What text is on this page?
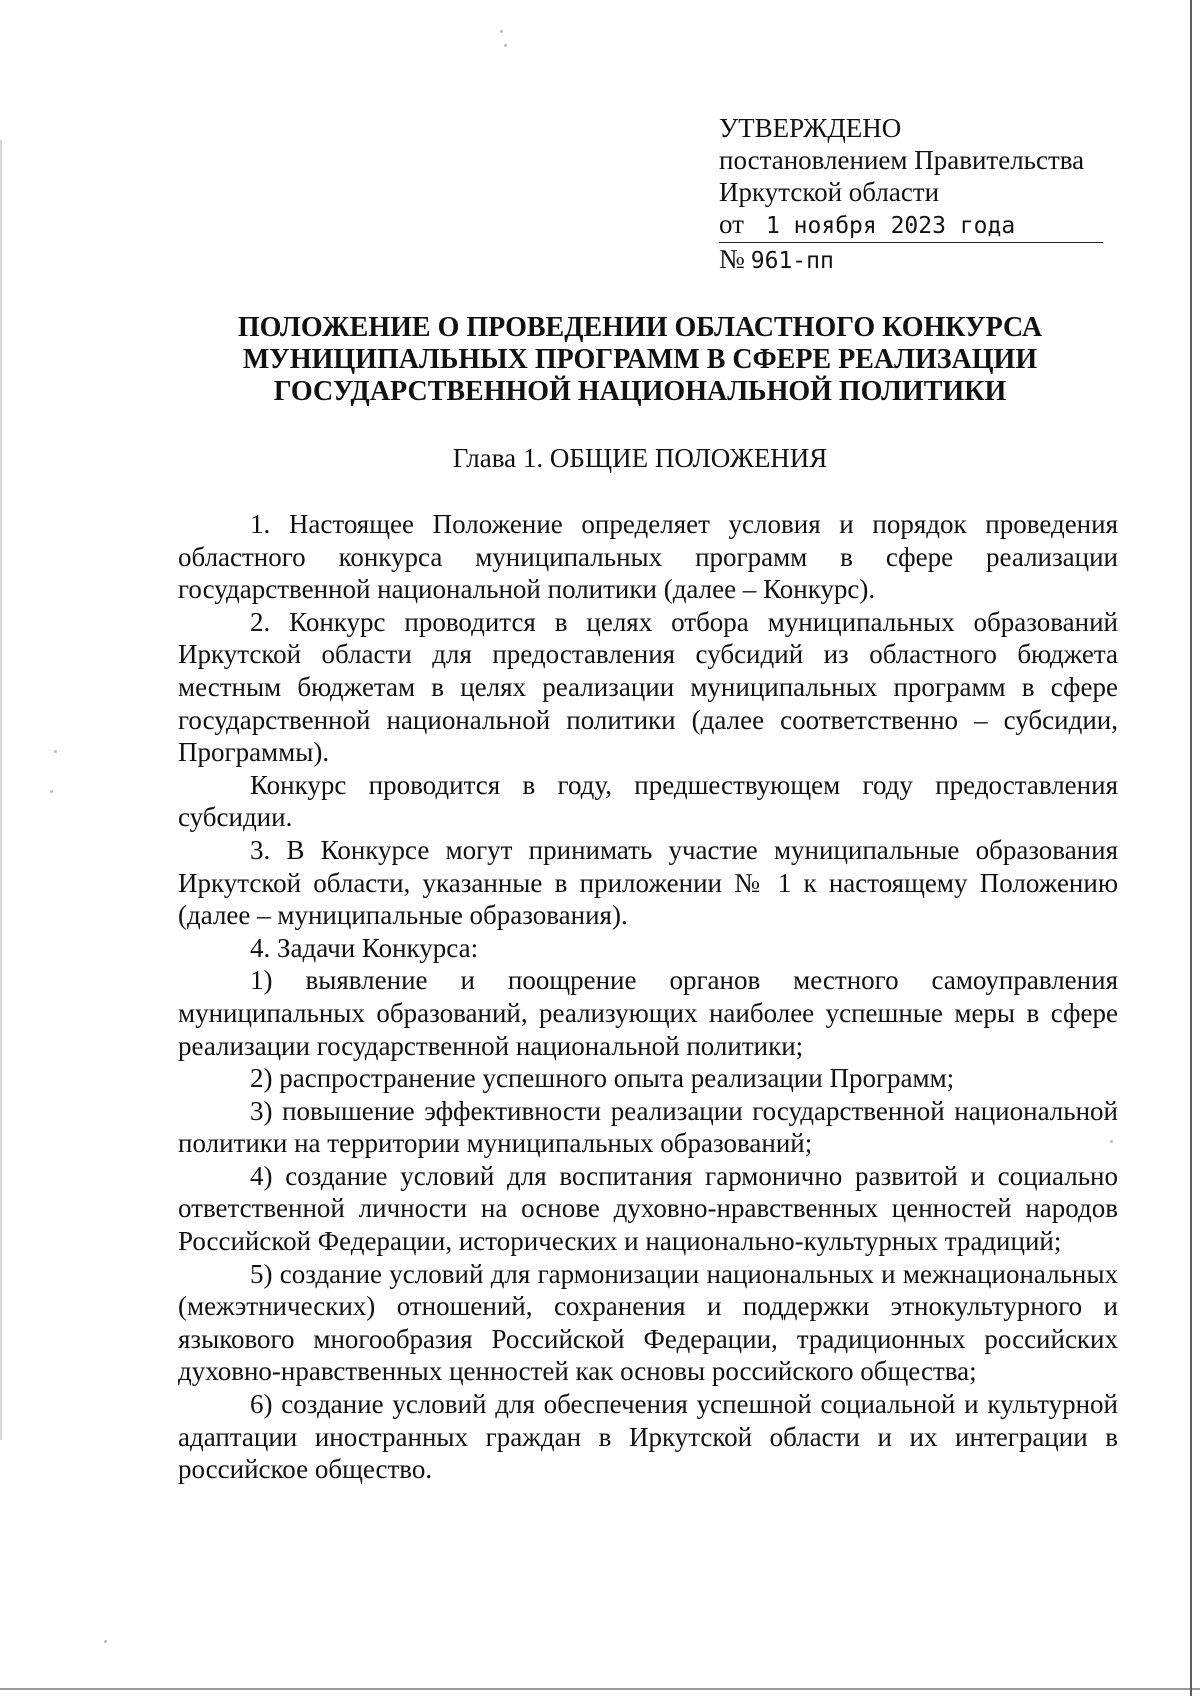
УТВЕРЖДЕНО
постановлением Правительства
Иркутской области
от 1 ноября 2023 года
№ 961-пп
ПОЛОЖЕНИЕ О ПРОВЕДЕНИИ ОБЛАСТНОГО КОНКУРСА
МУНИЦИПАЛЬНЫХ ПРОГРАММ В СФЕРЕ РЕАЛИЗАЦИИ
ГОСУДАРСТВЕННОЙ НАЦИОНАЛЬНОЙ ПОЛИТИКИ
Глава 1. ОБЩИЕ ПОЛОЖЕНИЯ

1. Настоящее Положение определяет условия и порядок проведения областного конкурса муниципальных программ в сфере реализации государственной национальной политики (далее – Конкурс).

2. Конкурс проводится в целях отбора муниципальных образований Иркутской области для предоставления субсидий из областного бюджета местным бюджетам в целях реализации муниципальных программ в сфере государственной национальной политики (далее соответственно – субсидии, Программы).

Конкурс проводится в году, предшествующем году предоставления субсидии.

3. В Конкурсе могут принимать участие муниципальные образования Иркутской области, указанные в приложении № 1 к настоящему Положению (далее – муниципальные образования).

4. Задачи Конкурса:

1) выявление и поощрение органов местного самоуправления муниципальных образований, реализующих наиболее успешные меры в сфере реализации государственной национальной политики;

2) распространение успешного опыта реализации Программ;

3) повышение эффективности реализации государственной национальной политики на территории муниципальных образований;

4) создание условий для воспитания гармонично развитой и социально ответственной личности на основе духовно-нравственных ценностей народов Российской Федерации, исторических и национально-культурных традиций;

5) создание условий для гармонизации национальных и межнациональных (межэтнических) отношений, сохранения и поддержки этнокультурного и языкового многообразия Российской Федерации, традиционных российских духовно-нравственных ценностей как основы российского общества;

6) создание условий для обеспечения успешной социальной и культурной адаптации иностранных граждан в Иркутской области и их интеграции в российское общество.
